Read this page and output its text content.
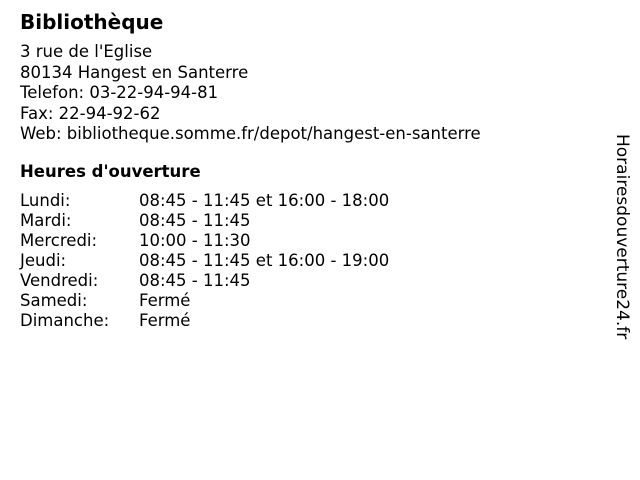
Bibliothèque
3 rue de l'Eglise
80134 Hangest en Santerre
Telefon: 03-22-94-94-81
Fax: 22-94-92-62
Web: bibliotheque.somme.fr/depot/hangest-en-santerre
Heures d'ouverture
Lundi:	08:45 - 11:45 et 16:00 - 18:00
Mardi:	08:45 - 11:45
Mercredi:	10:00 - 11:30
Jeudi:	08:45 - 11:45 et 16:00 - 19:00
Vendredi:	08:45 - 11:45
Samedi:	Fermé
Dimanche:	Fermé	Horairesdouverture24.fr
